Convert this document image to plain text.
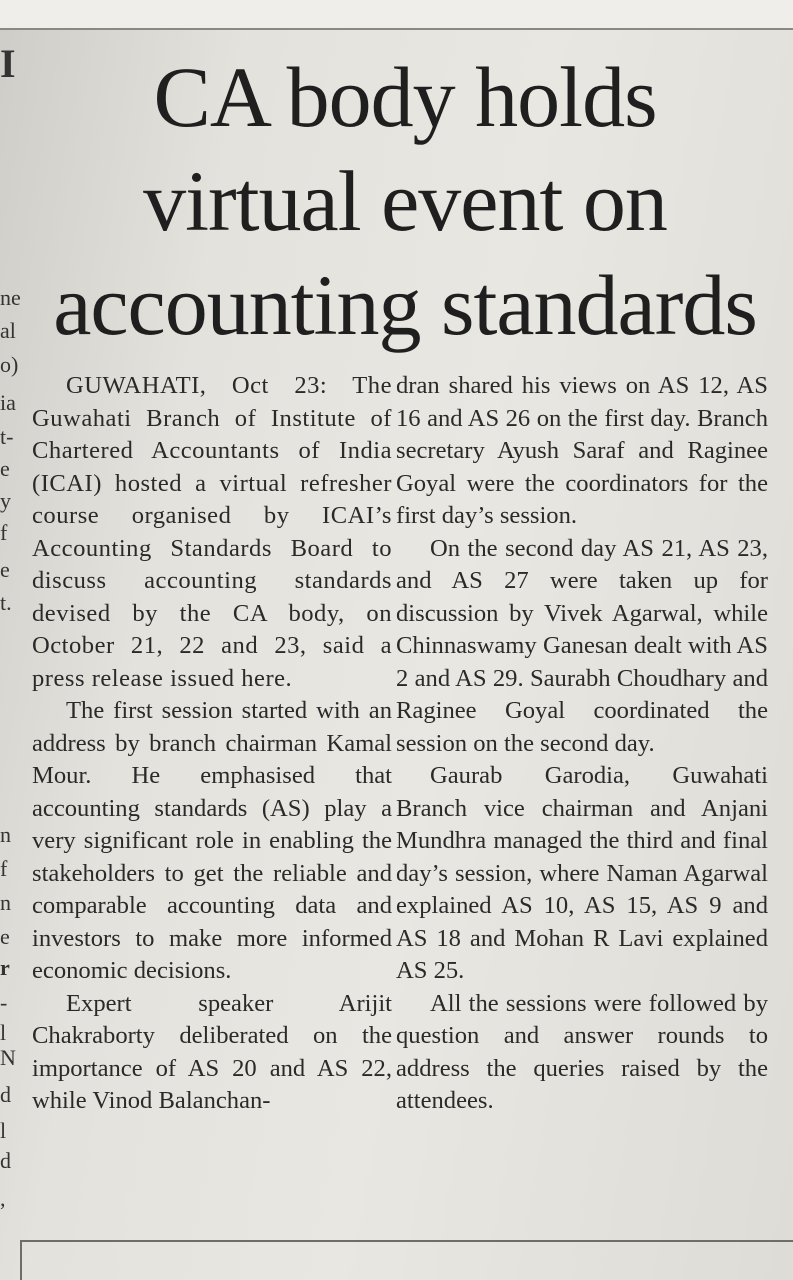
I
ne
al
o)
ia
t-
e
y
f
e
t.
n
f
n
e
r
-
l
N
d
l
d
,
CA body holds
virtual event on
accounting standards

GUWAHATI, Oct 23: The Guwahati Branch of Institute of Chartered Accountants of India (ICAI) hosted a virtual refresher course organised by ICAI’s Accounting Standards Board to discuss accounting standards devised by the CA body, on October 21, 22 and 23, said a press release issued here.

The first session started with an address by branch chairman Kamal Mour. He emphasised that accounting standards (AS) play a very significant role in enabling the stakeholders to get the reliable and comparable accounting data and investors to make more informed economic decisions.

Expert speaker Arijit Chakraborty deliberated on the importance of AS 20 and AS 22, while Vinod Balanchan-

dran shared his views on AS 12, AS 16 and AS 26 on the first day. Branch secretary Ayush Saraf and Raginee Goyal were the coordinators for the first day’s session.

On the second day AS 21, AS 23, and AS 27 were taken up for discussion by Vivek Agarwal, while Chinnaswamy Ganesan dealt with AS 2 and AS 29. Saurabh Choudhary and Raginee Goyal coordinated the session on the second day.

Gaurab Garodia, Guwahati Branch vice chairman and Anjani Mundhra managed the third and final day’s session, where Naman Agarwal explained AS 10, AS 15, AS 9 and AS 18 and Mohan R Lavi explained AS 25.

All the sessions were followed by question and answer rounds to address the queries raised by the attendees.
